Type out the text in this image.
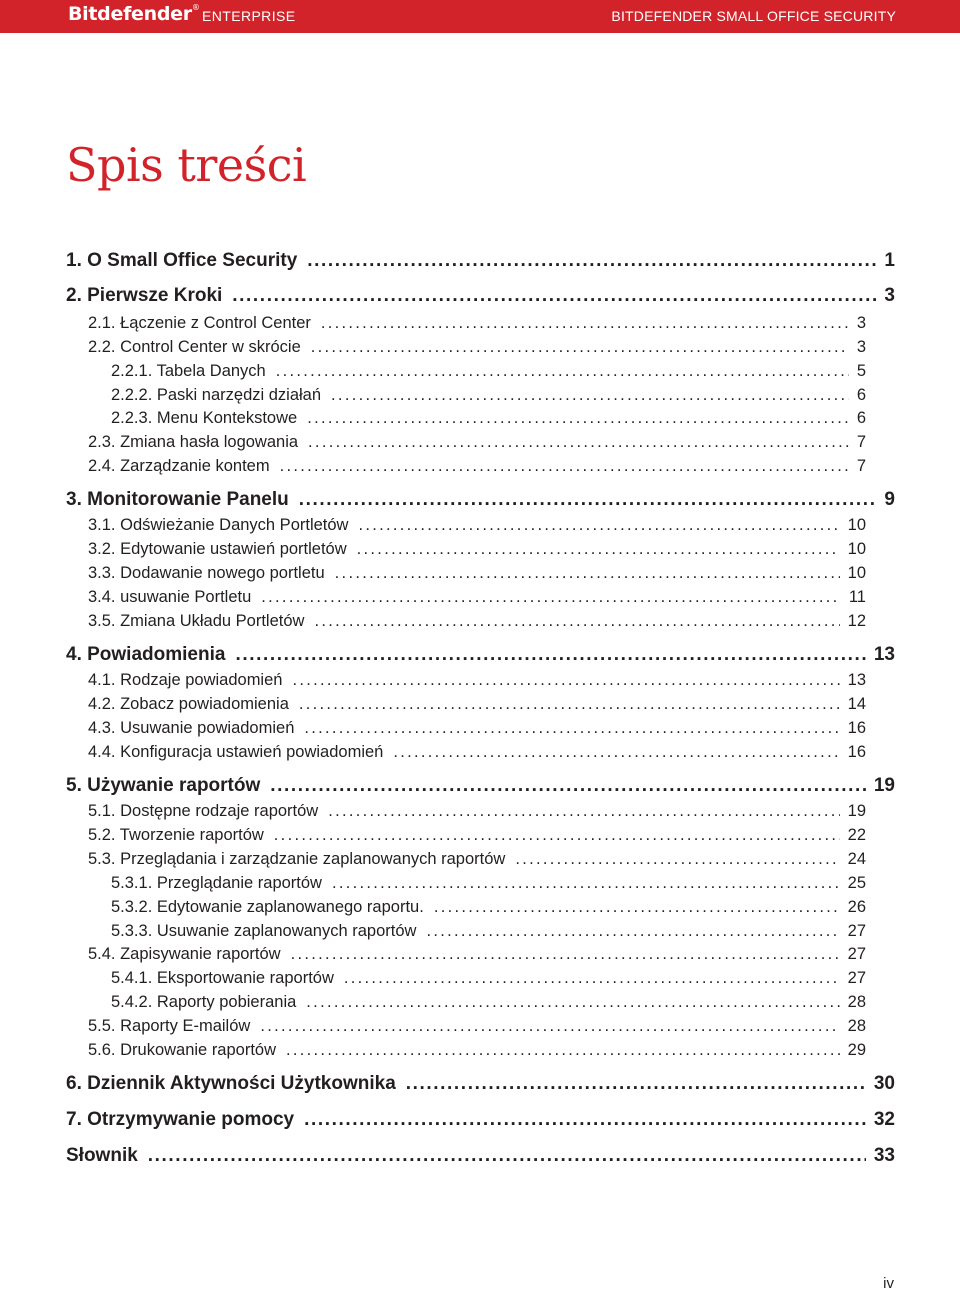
Bitdefender®
ENTERPRISE	BITDEFENDER SMALL OFFICE SECURITY
Spis treści
1. O Small Office Security .....	1
2. Pierwsze Kroki .....	3
2.1. Łączenie z Control Center .....	3
2.2. Control Center w skrócie .....	3
2.2.1. Tabela Danych .....	5
2.2.2. Paski narzędzi działań .....	6
2.2.3. Menu Kontekstowe .....	6
2.3. Zmiana hasła logowania .....	7
2.4. Zarządzanie kontem .....	7
3. Monitorowanie Panelu .....	9
3.1. Odświeżanie Danych Portletów .....	10
3.2. Edytowanie ustawień portletów .....	10
3.3. Dodawanie nowego portletu .....	10
3.4. usuwanie Portletu .....	11
3.5. Zmiana Układu Portletów .....	12
4. Powiadomienia .....	13
4.1. Rodzaje powiadomień .....	13
4.2. Zobacz powiadomienia .....	14
4.3. Usuwanie powiadomień .....	16
4.4. Konfiguracja ustawień powiadomień .....	16
5. Używanie raportów .....	19
5.1. Dostępne rodzaje raportów .....	19
5.2. Tworzenie raportów .....	22
5.3. Przeglądania i zarządzanie zaplanowanych raportów .....	24
5.3.1. Przeglądanie raportów .....	25
5.3.2. Edytowanie zaplanowanego raportu. .....	26
5.3.3. Usuwanie zaplanowanych raportów .....	27
5.4. Zapisywanie raportów .....	27
5.4.1. Eksportowanie raportów .....	27
5.4.2. Raporty pobierania .....	28
5.5. Raporty E-mailów .....	28
5.6. Drukowanie raportów .....	29
6. Dziennik Aktywności Użytkownika .....	30
7. Otrzymywanie pomocy .....	32
Słownik .....	33
iv
